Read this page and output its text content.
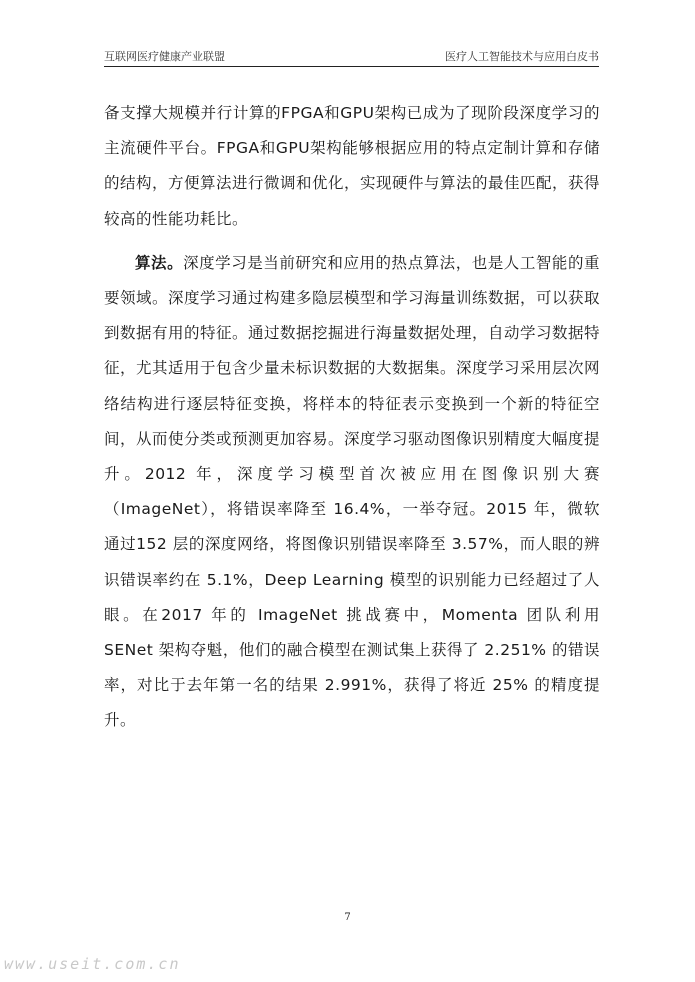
互联网医疗健康产业联盟	医疗人工智能技术与应用白皮书

备支撑大规模并行计算的FPGA和GPU架构已成为了现阶段深度学习的主流硬件平台。FPGA和GPU架构能够根据应用的特点定制计算和存储的结构，方便算法进行微调和优化，实现硬件与算法的最佳匹配，获得较高的性能功耗比。

算法。深度学习是当前研究和应用的热点算法，也是人工智能的重要领域。深度学习通过构建多隐层模型和学习海量训练数据，可以获取到数据有用的特征。通过数据挖掘进行海量数据处理，自动学习数据特征，尤其适用于包含少量未标识数据的大数据集。深度学习采用层次网络结构进行逐层特征变换，将样本的特征表示变换到一个新的特征空间，从而使分类或预测更加容易。深度学习驱动图像识别精度大幅度提升。2012 年，深度学习模型首次被应用在图像识别大赛（ImageNet），将错误率降至 16.4%，一举夺冠。2015 年，微软通过152 层的深度网络，将图像识别错误率降至 3.57%，而人眼的辨识错误率约在 5.1%，Deep Learning 模型的识别能力已经超过了人眼。在2017 年的 ImageNet 挑战赛中，Momenta 团队利用 SENet 架构夺魁，他们的融合模型在测试集上获得了 2.251% 的错误率，对比于去年第一名的结果 2.991%，获得了将近 25% 的精度提升。

7
www.useit.com.cn
